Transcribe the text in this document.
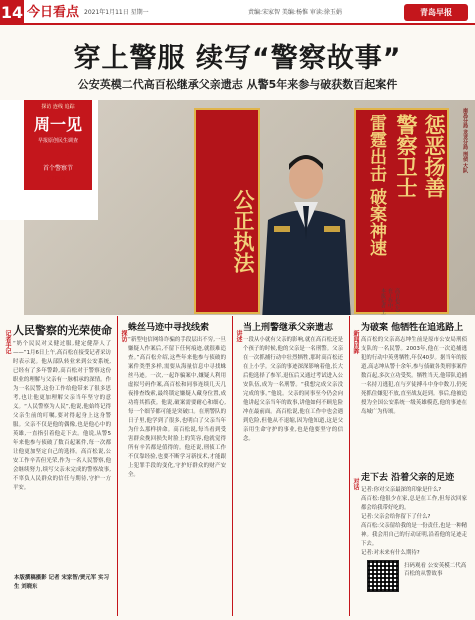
14 今日看点 2021年1月11日 星期一	责编:宋家智 美编:杨惟 审读:徐玉娟	青岛早报
穿上警服 续写“警察故事”
公安英模二代高百松继承父亲遗志 从警5年来参与破获数百起案件
公正执法
惩恶扬善
警察卫士
雷霆出击 破案神速	南岛分局 龙龙分局 刑侦 大队
高百松(左)在工作中。本报记者 王
探访 连线 追踪
周一见
早报原创民生调查
1·10
首个警察节
系列报道
记者手记 人民警察的光荣使命
“奶个民民对义健过服,健定健辞人了——”1月6日上午,高百松在接受记者采访时表示说。他从部队转业来到公安系统,已经有了多年警龄,高百松对于警察这份职业的理解与父亲有一脉相承的深情。作为一名民警,这份工作给他带来了很多思考,也让他更加理解父亲当年坚守的意义。“人民警察为人民”,他说,他始终记得父亲生前的叮嘱,要对得起身上这身警服。父亲不仅是他的偶像,也是他心中的英雄,一直指引着他走下去。他说,从警5年来他参与侦破了数百起案件,每一次都让他更加坚定自己的选择。高百松说,公安工作辛苦但光荣,作为一名人民警察,他会继续努力,续写父亲未完成的警察故事,不辜负人民群众的信任与期待,守护一方平安。
本版撰稿摄影 记者 宋家智/贾元军 实习生 刘晓东
探访
蛛丝马迹中寻找线索
“新型电信网络诈骗的手段层出不穷,一旦嫌疑人作案后,不留下任何痕迹,就很难追查。”高百松介绍,这些年来他参与侦破的案件类型多样,需要从海量信息中寻找蛛丝马迹。一次,一起诈骗案中,嫌疑人利用虚拟号码作案,高百松和同事连续几天几夜排查线索,最终锁定嫌疑人藏身位置,成功将其抓获。他说,破案需要耐心和细心,每一个细节都可能是突破口。在刑警队的日子里,他学到了很多,也明白了父亲当年为什么那样拼命。高百松说,每当看到受害群众挽回损失时脸上的笑容,他就觉得所有辛苦都是值得的。他还说,刑侦工作不仅靠经验,也要不断学习新技术,才能跟上犯罪手段的变化,守护好群众的财产安全。
讲述
当上刑警继承父亲遗志
一段从小就有父亲的影响,就在高百松还是个孩子的时候,他的父亲是一名刑警。父亲在一次抓捕行动中壮烈牺牲,那时高百松还在上小学。父亲的事迹深深影响着他,长大后他选择了参军,退伍后又通过考试进入公安队伍,成为一名刑警。“我想完成父亲没完成的事。”他说。父亲的同事至今仍会向他讲起父亲当年的故事,讲他如何不顾危险冲在最前面。高百松说,他在工作中也会遇到危险,但他从不退缩,因为他知道,这是父亲用生命守护的事业,也是他要坚守的信念。
新闻回眸
为破案 他牺牲在追逃路上
高百松的父亲高志坤生前是原市公安局刑侦支队的一名民警。2003年,他在一次追捕逃犯的行动中英勇牺牲,年仅40岁。据当年的报道,高志坤从警十余年,参与侦破各类刑事案件数百起,多次立功受奖。牺牲当天,他带队追捕一名持刀逃犯,在与歹徒搏斗中身中数刀,仍死死抓住嫌犯不放,直至战友赶到。事后,他被追授为全国公安系统一级英雄模范,他的事迹在岛城广为传颂。
对话 走下去 沿着父亲的足迹
记者:你对父亲最深的印象是什么?
高百松:他很少在家,总是在工作,但每次回家都会给我带好吃的。
记者:父亲会给你留下了什么?
高百松:父亲留给我的是一份责任,也是一种精神。我会用自己的行动证明,沿着他的足迹走下去。
记者:对未来有什么期待?

扫码观看 公安英模二代高百松的从警故事
